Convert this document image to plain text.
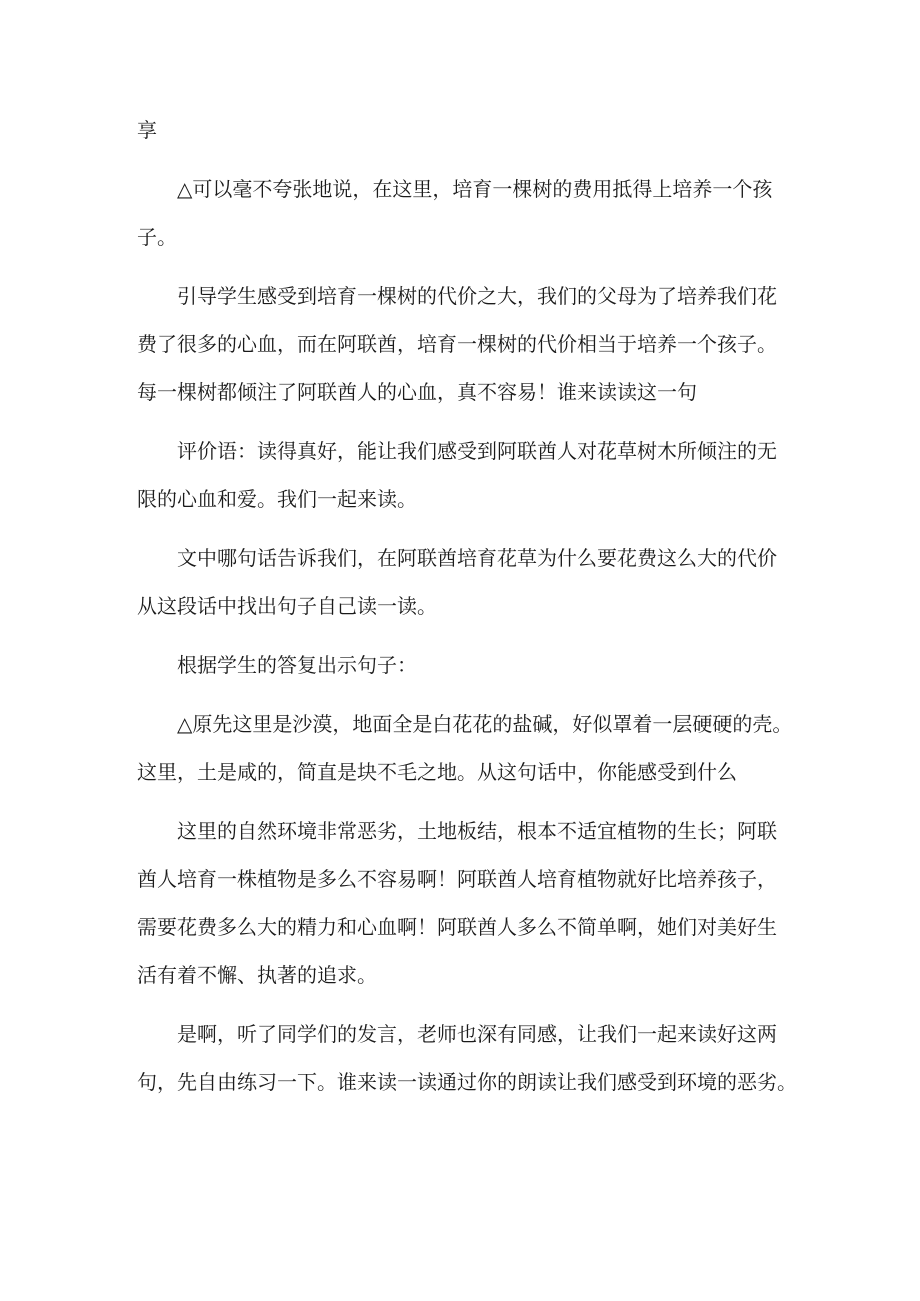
享
△可以毫不夸张地说，在这里，培育一棵树的费用抵得上培养一个孩
子。
引导学生感受到培育一棵树的代价之大，我们的父母为了培养我们花
费了很多的心血，而在阿联酋，培育一棵树的代价相当于培养一个孩子。
每一棵树都倾注了阿联酋人的心血，真不容易！谁来读读这一句
评价语：读得真好，能让我们感受到阿联酋人对花草树木所倾注的无
限的心血和爱。我们一起来读。
文中哪句话告诉我们，在阿联酋培育花草为什么要花费这么大的代价
从这段话中找出句子自己读一读。
根据学生的答复出示句子：
△原先这里是沙漠，地面全是白花花的盐碱，好似罩着一层硬硬的壳。
这里，土是咸的，简直是块不毛之地。从这句话中，你能感受到什么
这里的自然环境非常恶劣，土地板结，根本不适宜植物的生长；阿联
酋人培育一株植物是多么不容易啊！阿联酋人培育植物就好比培养孩子，
需要花费多么大的精力和心血啊！阿联酋人多么不简单啊，她们对美好生
活有着不懈、执著的追求。
是啊，听了同学们的发言，老师也深有同感，让我们一起来读好这两
句，先自由练习一下。谁来读一读通过你的朗读让我们感受到环境的恶劣。
